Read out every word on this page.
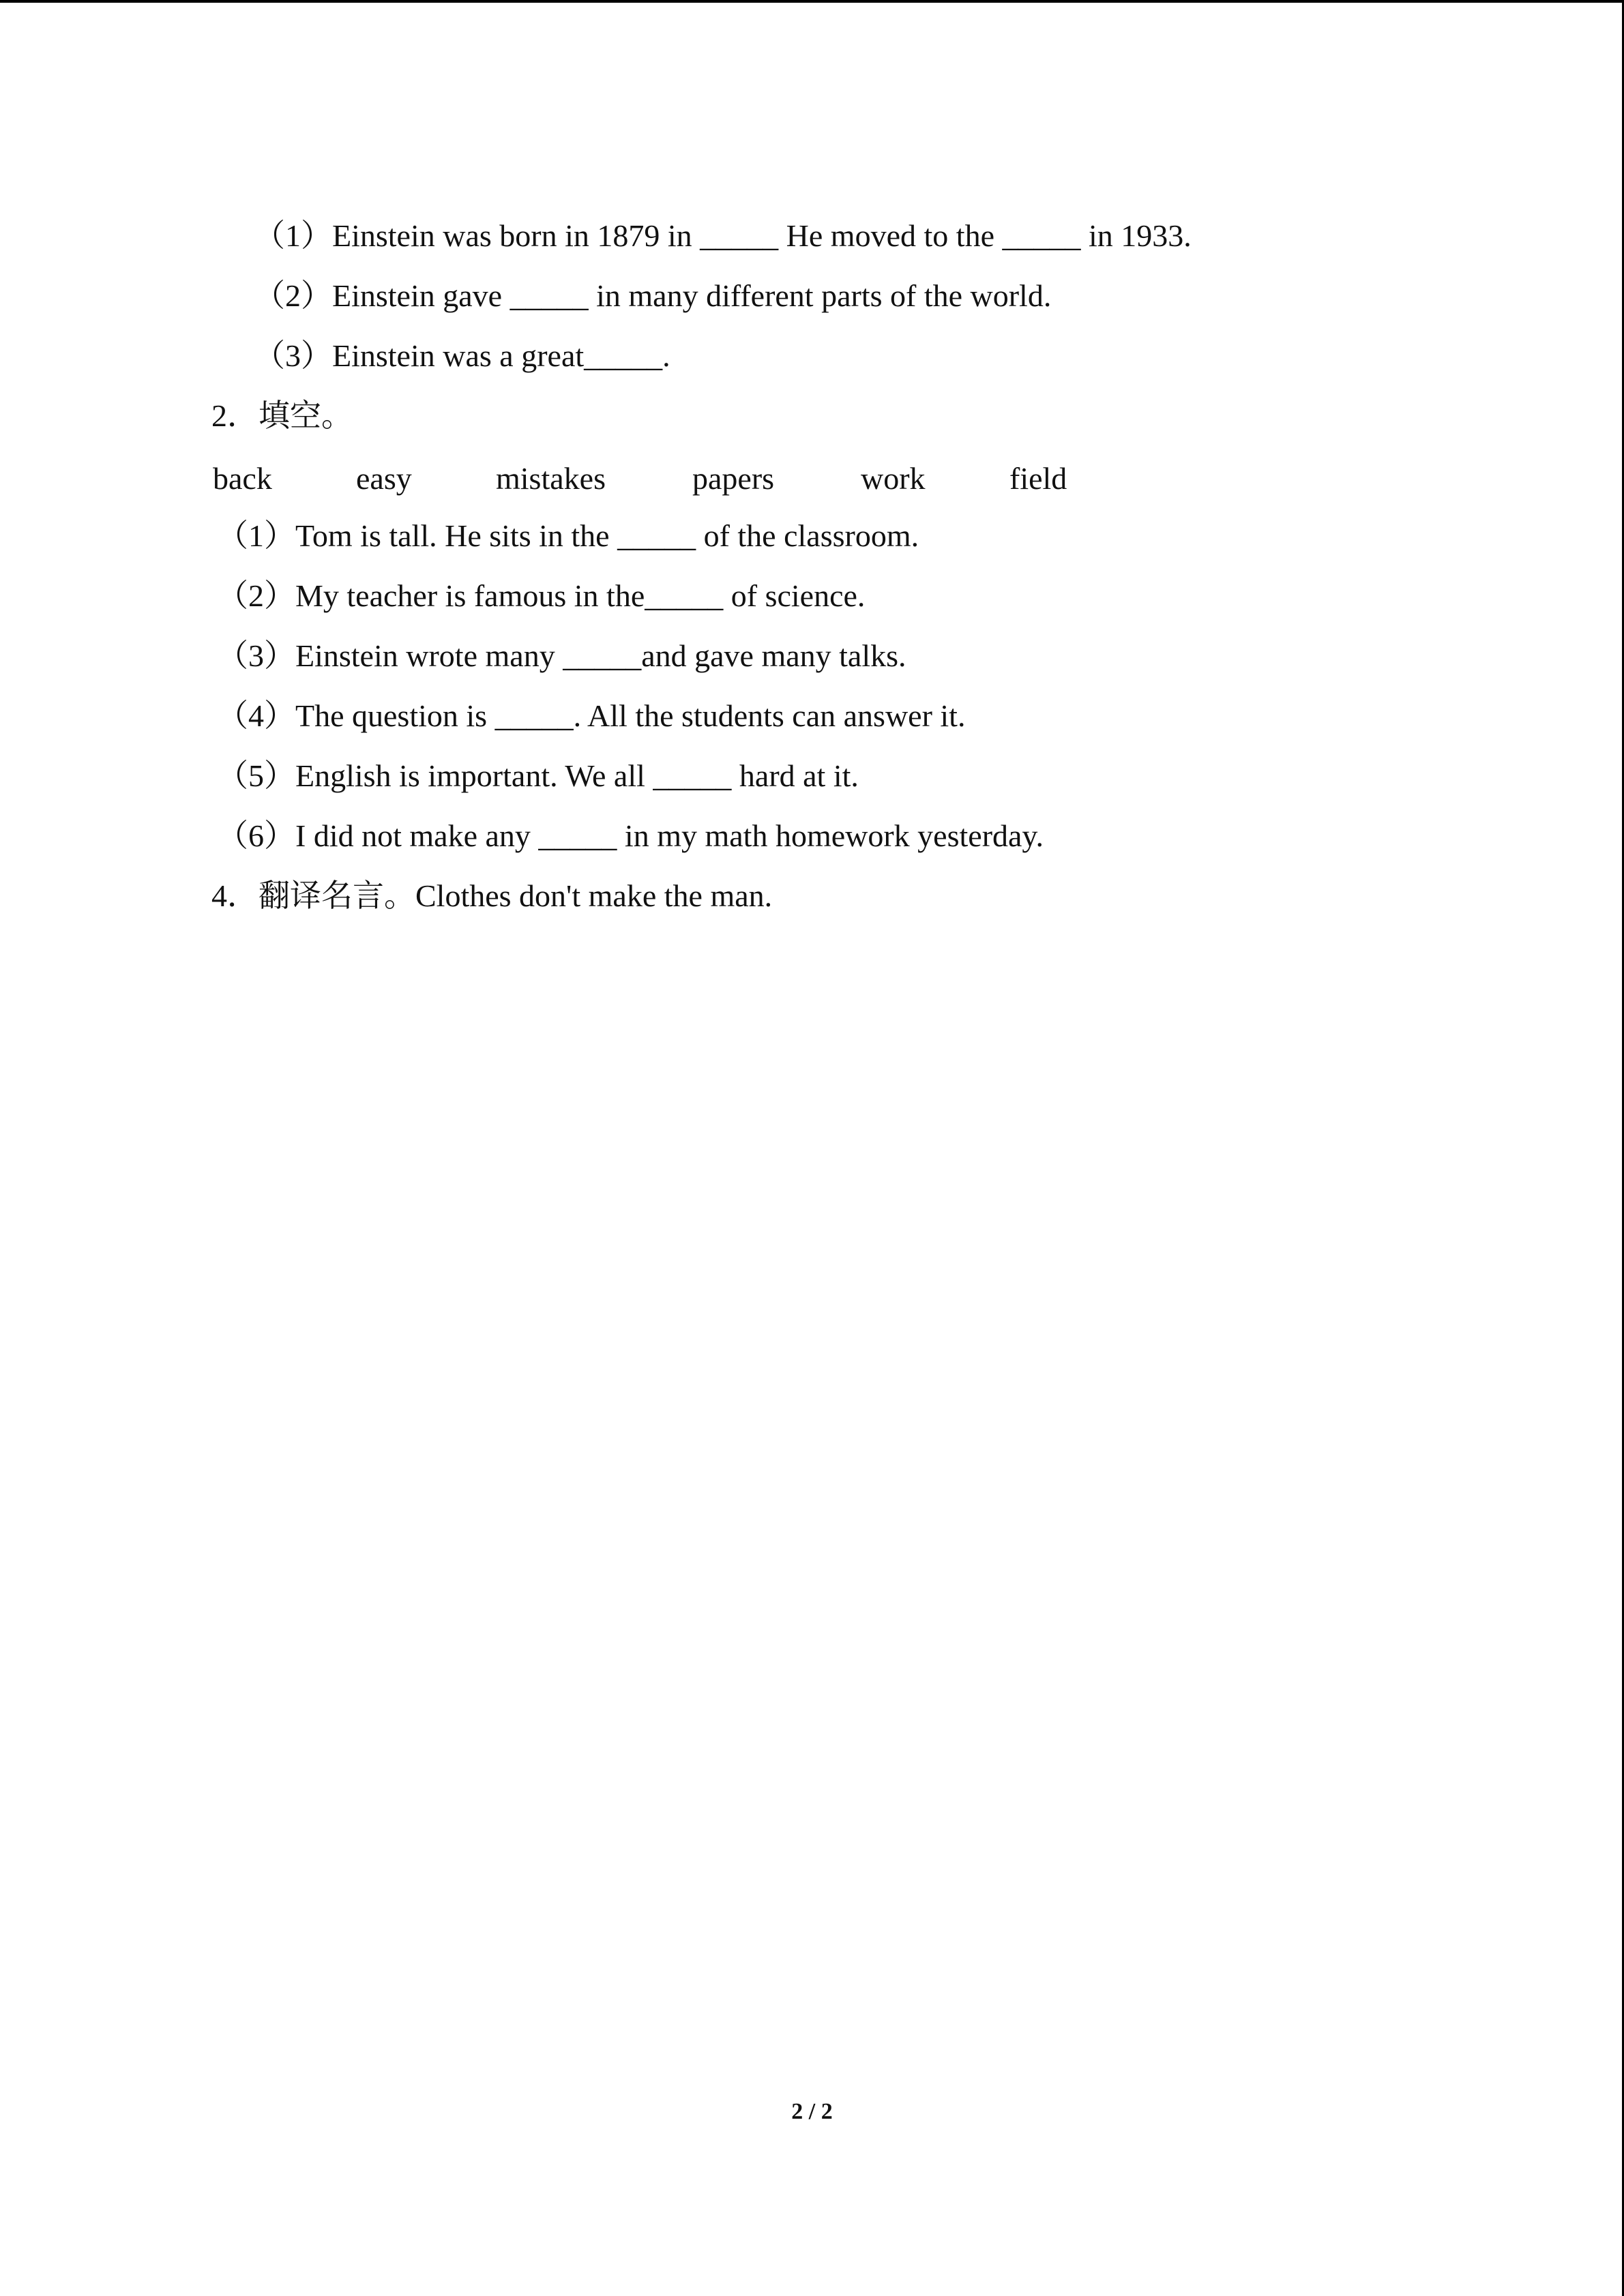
（1）Einstein was born in 1879 in _____ He moved to the _____ in 1933.
（2）Einstein gave _____ in many different parts of the world.
（3）Einstein was a great_____.
2．填空。
back	easy	mistakes	papers	work	field
（1）Tom is tall. He sits in the _____ of the classroom.
（2）My teacher is famous in the_____ of science.
（3）Einstein wrote many _____and gave many talks.
（4）The question is _____. All the students can answer it.
（5）English is important. We all _____ hard at it.
（6）I did not make any _____ in my math homework yesterday.
4．翻译名言。Clothes don't make the man.
2 / 2
